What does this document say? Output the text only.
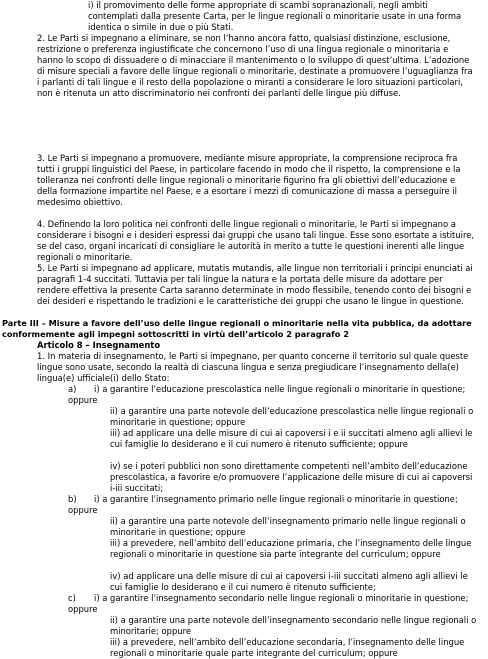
i) il promovimento delle forme appropriate di scambi sopranazionali, negli ambiti contemplati dalla presente Carta, per le lingue regionali o minoritarie usate in una forma identica o simile in due o più Stati.

2. Le Parti si impegnano a eliminare, se non l’hanno ancora fatto, qualsiasi distinzione, esclusione, restrizione o preferenza ingiustificate che concernono l’uso di una lingua regionale o minoritaria e hanno lo scopo di dissuadere o di minacciare il mantenimento o lo sviluppo di quest’ultima. L’adozione di misure speciali a favore delle lingue regionali o minoritarie, destinate a promuovere l’uguaglianza fra i parlanti di tali lingue e il resto della popolazione o miranti a considerare le loro situazioni particolari, non è ritenuta un atto discriminatorio nei confronti dei parlanti delle lingue più diffuse.

3. Le Parti si impegnano a promuovere, mediante misure appropriate, la comprensione reciproca fra tutti i gruppi linguistici del Paese, in particolare facendo in modo che il rispetto, la comprensione e la tolleranza nei confronti delle lingue regionali o minoritarie figurino fra gli obiettivi dell’educazione e della formazione impartite nel Paese, e a esortare i mezzi di comunicazione di massa a perseguire il medesimo obiettivo.

4. Definendo la loro politica nei confronti delle lingue regionali o minoritarie, le Parti si impegnano a considerare i bisogni e i desideri espressi dai gruppi che usano tali lingue. Esse sono esortate a istituire, se del caso, organi incaricati di consigliare le autorità in merito a tutte le questioni inerenti alle lingue regionali o minoritarie.

5. Le Parti si impegnano ad applicare, mutatis mutandis, alle lingue non territoriali i principi enunciati ai paragrafi 1‑4 succitati. Tuttavia per tali lingue la natura e la portata delle misure da adottare per rendere effettiva la presente Carta saranno determinate in modo flessibile, tenendo conto dei bisogni e dei desideri e rispettando le tradizioni e le caratteristiche dei gruppi che usano le lingue in questione.

Parte III – Misure a favore dell’uso delle lingue regionali o minoritarie nella vita pubblica, da adottare conformemente agli impegni sottoscritti in virtù dell’articolo 2 paragrafo 2

Articolo 8 – Insegnamento

1. In materia di insegnamento, le Parti si impegnano, per quanto concerne il territorio sul quale queste lingue sono usate, secondo la realtà di ciascuna lingua e senza pregiudicare l’insegnamento della(e) lingua(e) ufficiale(i) dello Stato:

a) i) a garantire l’educazione prescolastica nelle lingue regionali o minoritarie in questione; oppure

ii) a garantire una parte notevole dell’educazione prescolastica nelle lingue regionali o minoritarie in questione; oppure

iii) ad applicare una delle misure di cui ai capoversi i e ii succitati almeno agli allievi le cui famiglie lo desiderano e il cui numero è ritenuto sufficiente; oppure

iv) se i poteri pubblici non sono direttamente competenti nell’ambito dell’educazione prescolastica, a favorire e/o promuovere l’applicazione delle misure di cui ai capoversi i‑iii succitati;

b) i) a garantire l’insegnamento primario nelle lingue regionali o minoritarie in questione; oppure

ii) a garantire una parte notevole dell’insegnamento primario nelle lingue regionali o minoritarie in questione; oppure

iii) a prevedere, nell’ambito dell’educazione primaria, che l’insegnamento delle lingue regionali o minoritarie in questione sia parte integrante del curriculum; oppure

iv) ad applicare una delle misure di cui ai capoversi i‑iii succitati almeno agli allievi le cui famiglie lo desiderano e il cui numero è ritenuto sufficiente;

c) i) a garantire l’insegnamento secondario nelle lingue regionali o minoritarie in questione; oppure

ii) a garantire una parte notevole dell’insegnamento secondario nelle lingue regionali o minoritarie; oppure

iii) a prevedere, nell’ambito dell’educazione secondaria, l’insegnamento delle lingue regionali o minoritarie quale parte integrante del curriculum; oppure
